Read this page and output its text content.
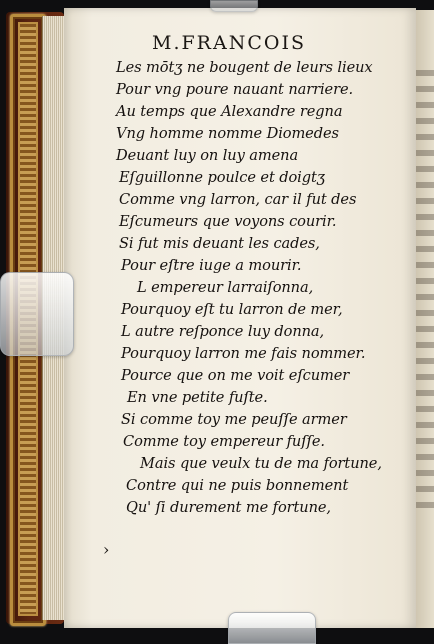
M.FRANCOIS
Les mōtʒ ne bougent de leurs lieux
Pour vng poure nauant narriere.
Au temps que Alexandre regna
Vng homme nomme Diomedes
Deuant luy on luy amena
Eſguillonne poulce et doigtʒ
Comme vng larron, car il fut des
Eſcumeurs que voyons courir.
Si fut mis deuant les cades,
Pour eſtre iuge a mourir.
L empereur larraiſonna,
Pourquoy eſt tu larron de mer,
L autre reſponce luy donna,
Pourquoy larron me fais nommer.
Pource que on me voit eſcumer
En vne petite fuſte.
Si comme toy me peuſſe armer
Comme toy empereur fuſſe.
Mais que veulx tu de ma fortune,
Contre qui ne puis bonnement
Qu' ſi durement me fortune,
›
